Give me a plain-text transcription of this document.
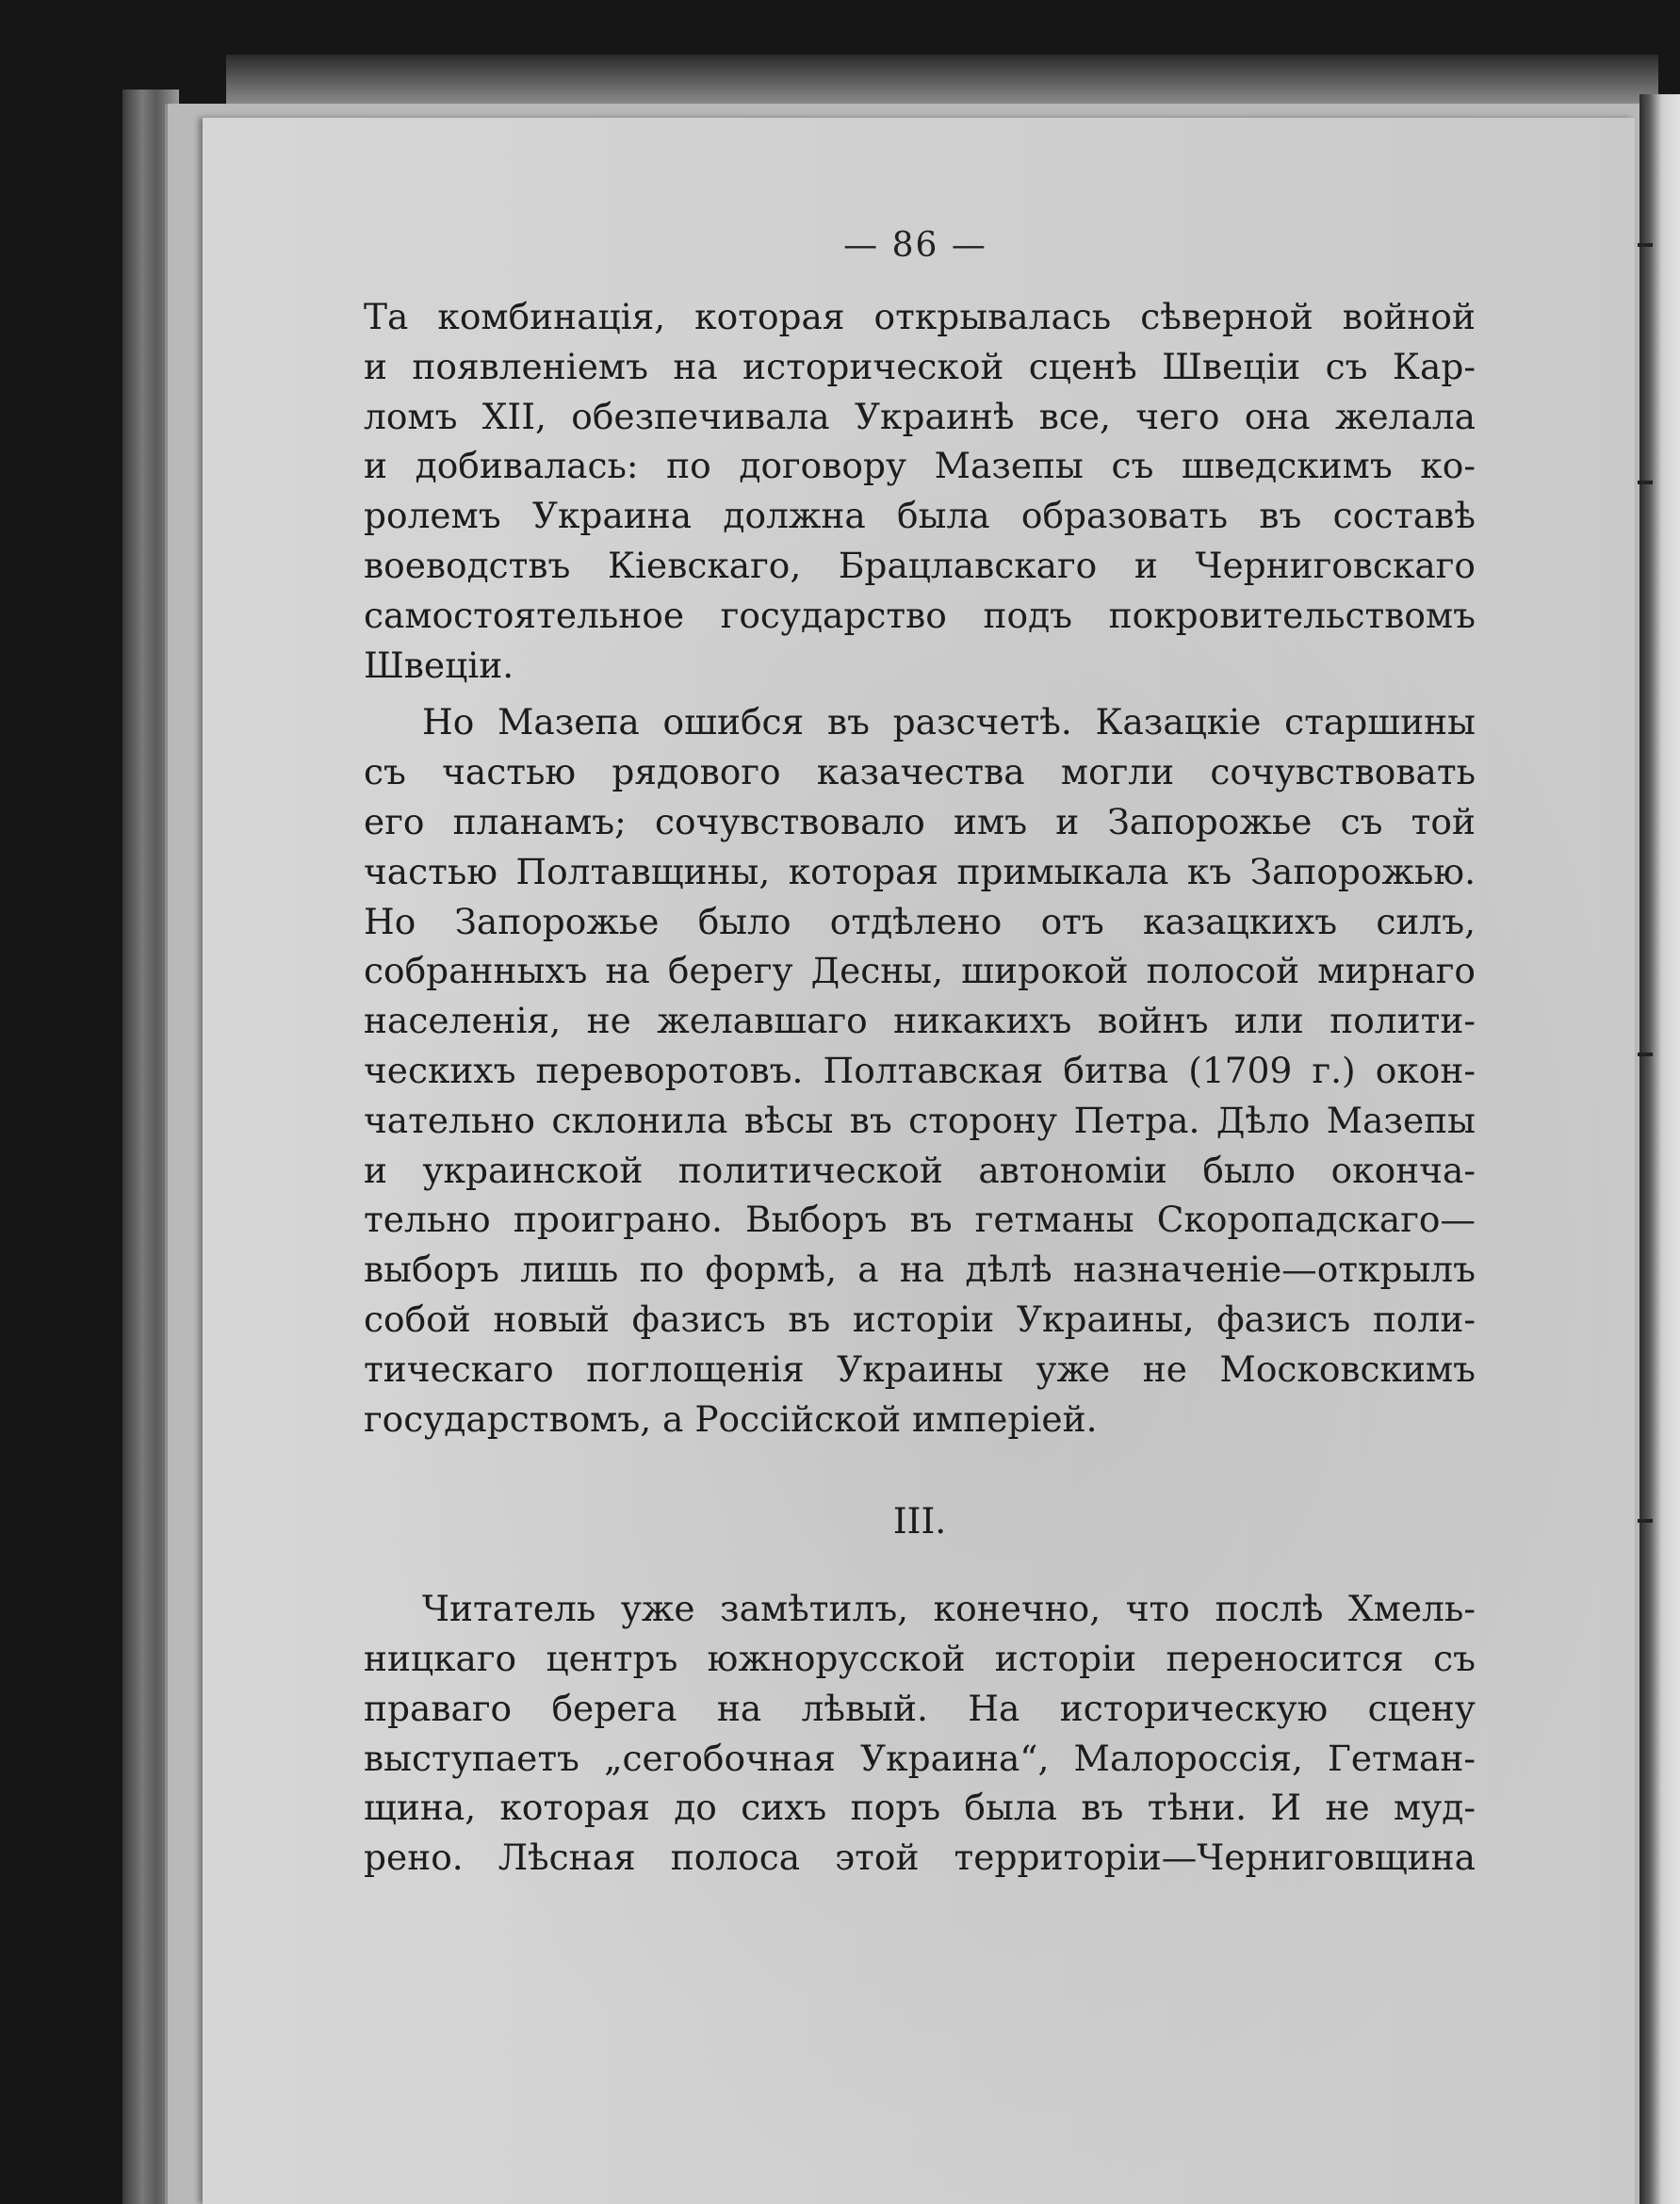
— 86 —
Та комбинація, которая открывалась сѣверной войной
и появленіемъ на исторической сценѣ Швеціи съ Кар-
ломъ XII, обезпечивала Украинѣ все, чего она желала
и добивалась: по договору Мазепы съ шведскимъ ко-
ролемъ Украина должна была образовать въ составѣ
воеводствъ Кіевскаго, Брацлавскаго и Черниговскаго
самостоятельное государство подъ покровительствомъ
Швеціи.
Но Мазепа ошибся въ разсчетѣ. Казацкіе старшины
съ частью рядового казачества могли сочувствовать
его планамъ; сочувствовало имъ и Запорожье съ той
частью Полтавщины, которая примыкала къ Запорожью.
Но Запорожье было отдѣлено отъ казацкихъ силъ,
собранныхъ на берегу Десны, широкой полосой мирнаго
населенія, не желавшаго никакихъ войнъ или полити-
ческихъ переворотовъ. Полтавская битва (1709 г.) окон-
чательно склонила вѣсы въ сторону Петра. Дѣло Мазепы
и украинской политической автономіи было оконча-
тельно проиграно. Выборъ въ гетманы Скоропадскаго—
выборъ лишь по формѣ, а на дѣлѣ назначеніе—открылъ
собой новый фазисъ въ исторіи Украины, фазисъ поли-
тическаго поглощенія Украины уже не Московскимъ
государствомъ, а Россійской имперіей.
III.
Читатель уже замѣтилъ, конечно, что послѣ Хмель-
ницкаго центръ южнорусской исторіи переносится съ
праваго берега на лѣвый. На историческую сцену
выступаетъ „сегобочная Украина“, Малороссія, Гетман-
щина, которая до сихъ поръ была въ тѣни. И не муд-
рено. Лѣсная полоса этой территоріи—Черниговщина
